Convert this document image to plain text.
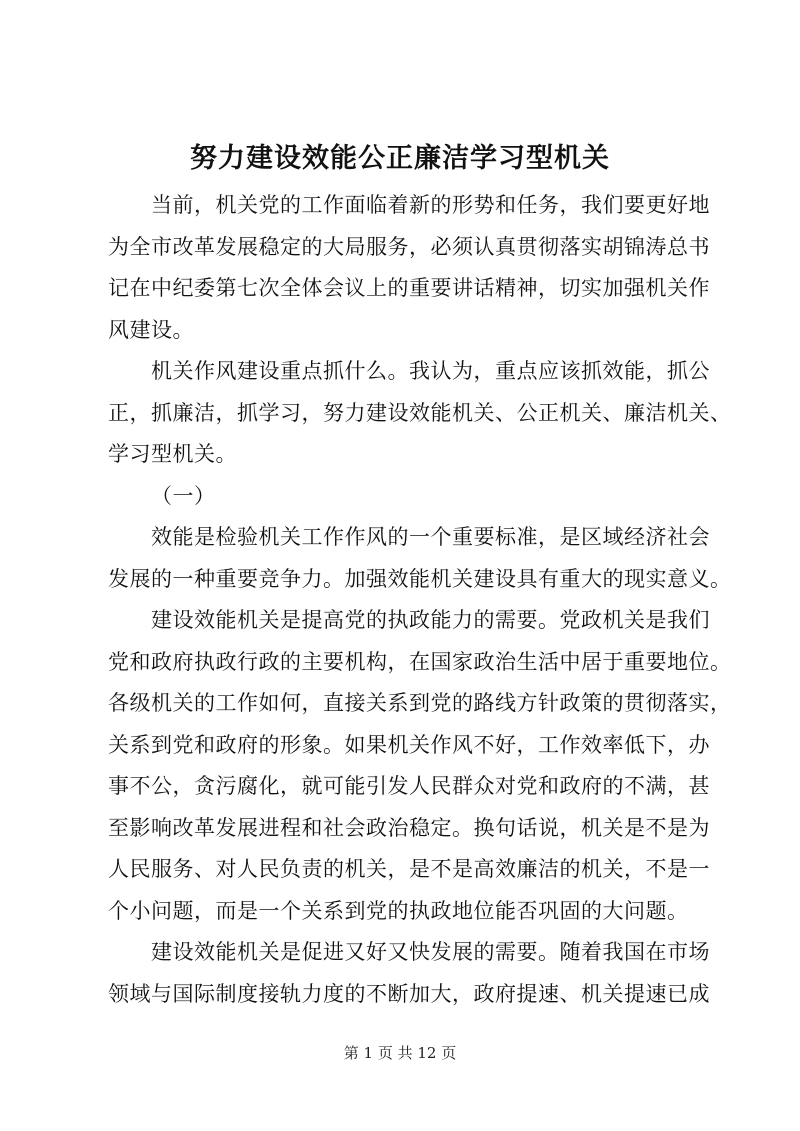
努力建设效能公正廉洁学习型机关
当前，机关党的工作面临着新的形势和任务，我们要更好地
为全市改革发展稳定的大局服务，必须认真贯彻落实胡锦涛总书
记在中纪委第七次全体会议上的重要讲话精神，切实加强机关作
风建设。
机关作风建设重点抓什么。我认为，重点应该抓效能，抓公
正，抓廉洁，抓学习，努力建设效能机关、公正机关、廉洁机关、
学习型机关。
（一）
效能是检验机关工作作风的一个重要标准，是区域经济社会
发展的一种重要竞争力。加强效能机关建设具有重大的现实意义。
建设效能机关是提高党的执政能力的需要。党政机关是我们
党和政府执政行政的主要机构，在国家政治生活中居于重要地位。
各级机关的工作如何，直接关系到党的路线方针政策的贯彻落实，
关系到党和政府的形象。如果机关作风不好，工作效率低下，办
事不公，贪污腐化，就可能引发人民群众对党和政府的不满，甚
至影响改革发展进程和社会政治稳定。换句话说，机关是不是为
人民服务、对人民负责的机关，是不是高效廉洁的机关，不是一
个小问题，而是一个关系到党的执政地位能否巩固的大问题。
建设效能机关是促进又好又快发展的需要。随着我国在市场
领域与国际制度接轨力度的不断加大，政府提速、机关提速已成
第 1 页 共 12 页
